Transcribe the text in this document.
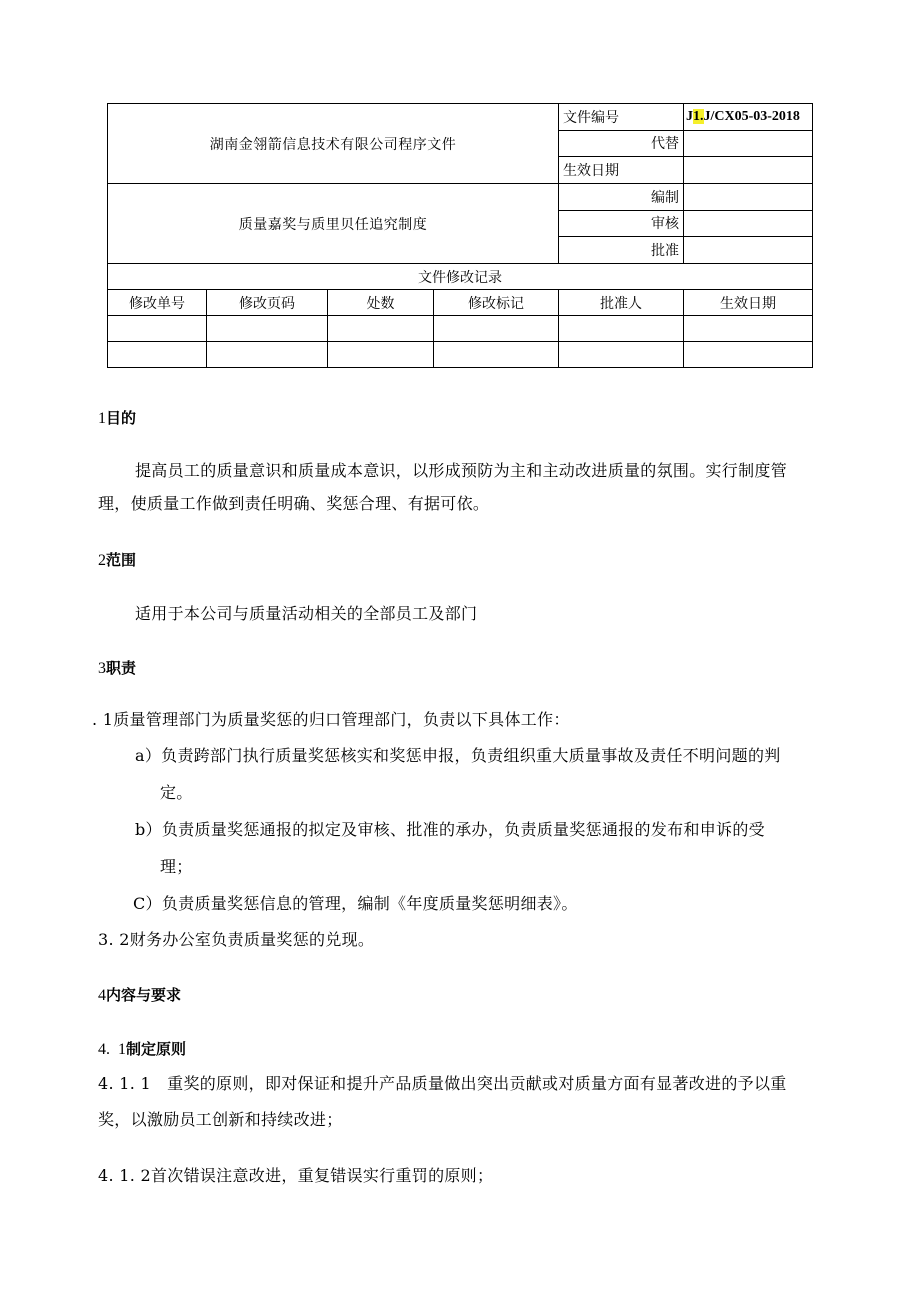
湖南金翎箭信息技术有限公司程序文件				文件编号	J1.J/CX05-03-2018
				代替	
				生效日期	
质量嘉奖与质里贝任追究制度				编制	
				审核	
				批准	
文件修改记录					
修改单号	修改页码	处数	修改标记	批准人	生效日期

1目的
提高员工的质量意识和质量成本意识，以形成预防为主和主动改进质量的氛围。实行制度管
理，使质量工作做到责任明确、奖惩合理、有据可依。
2范围
适用于本公司与质量活动相关的全部员工及部门
3职责
. 1质量管理部门为质量奖惩的归口管理部门，负责以下具体工作：
a）负责跨部门执行质量奖惩核实和奖惩申报，负责组织重大质量事故及责任不明问题的判
定。
b）负责质量奖惩通报的拟定及审核、批准的承办，负责质量奖惩通报的发布和申诉的受
理；
C）负责质量奖惩信息的管理，编制《年度质量奖惩明细表》。
3. 2财务办公室负责质量奖惩的兑现。
4内容与要求
4.  1制定原则
4. 1. 1   重奖的原则，即对保证和提升产品质量做出突出贡献或对质量方面有显著改进的予以重
奖，以激励员工创新和持续改进；
4. 1. 2首次错误注意改进，重复错误实行重罚的原则；
